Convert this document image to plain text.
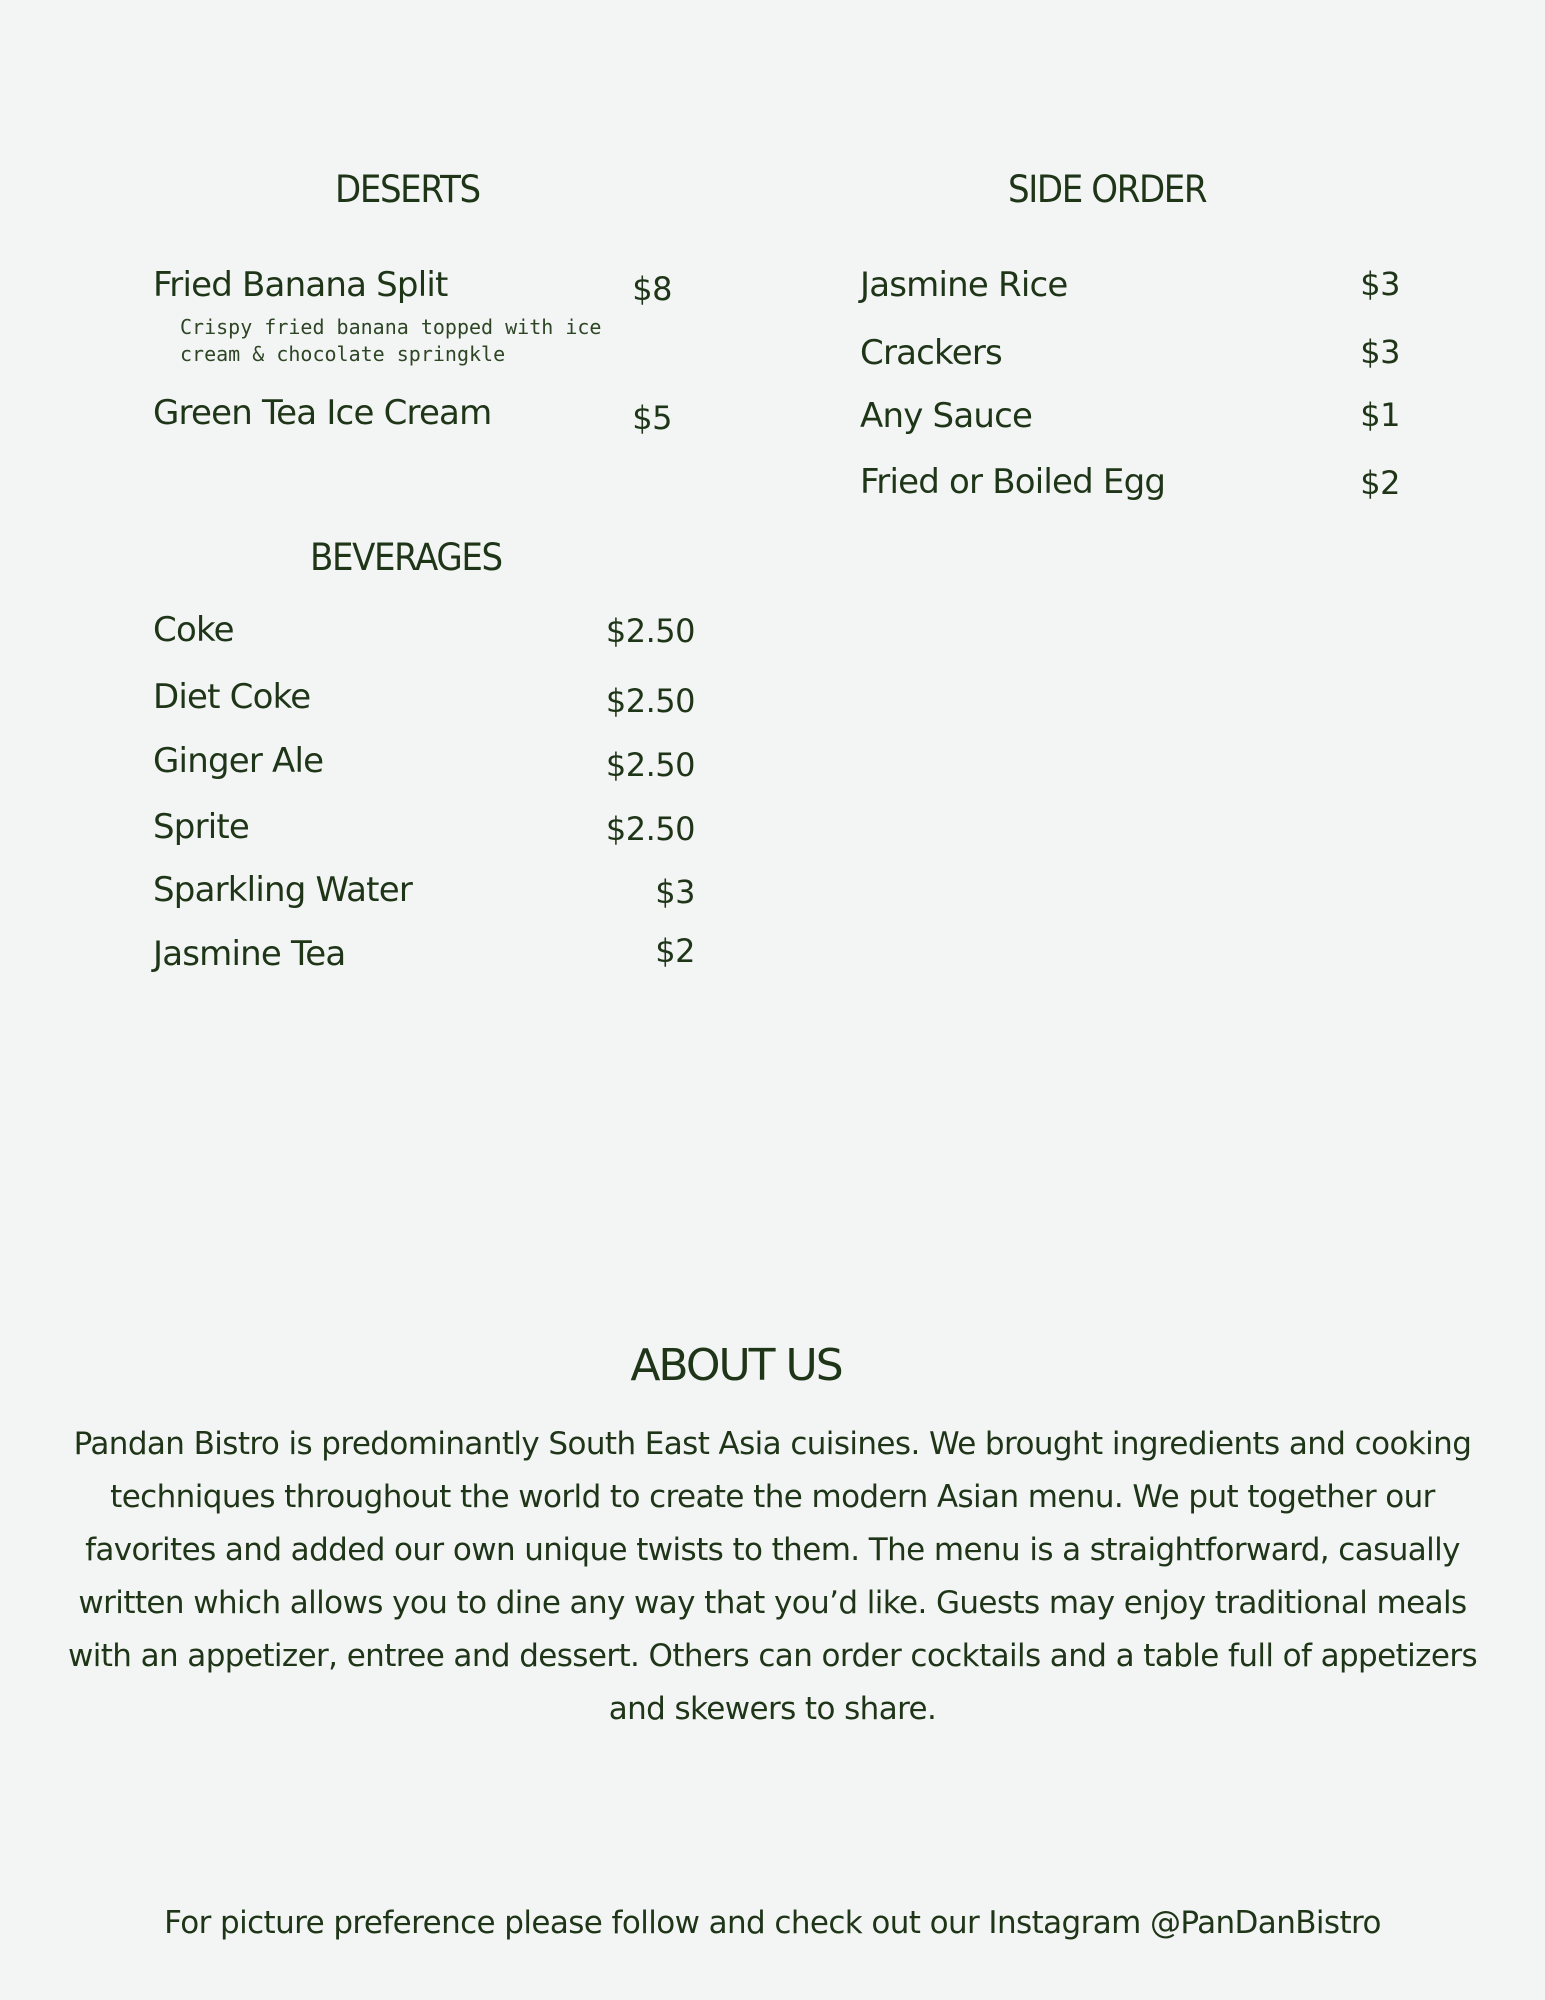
DESERTS
Fried Banana Split	$8
Crispy fried banana topped with ice
cream & chocolate springkle
Green Tea Ice Cream	$5
SIDE ORDER
Jasmine Rice	$3
Crackers	$3
Any Sauce	$1
Fried or Boiled Egg	$2
BEVERAGES
Coke	$2.50
Diet Coke	$2.50
Ginger Ale	$2.50
Sprite	$2.50
Sparkling Water	$3
Jasmine Tea	$2
ABOUT US
Pandan Bistro is predominantly South East Asia cuisines. We brought ingredients and cooking techniques throughout the world to create the modern Asian menu. We put together our favorites and added our own unique twists to them. The menu is a straightforward, casually written which allows you to dine any way that you’d like. Guests may enjoy traditional meals with an appetizer, entree and dessert. Others can order cocktails and a table full of appetizers and skewers to share.
For picture preference please follow and check out our Instagram @PanDanBistro
